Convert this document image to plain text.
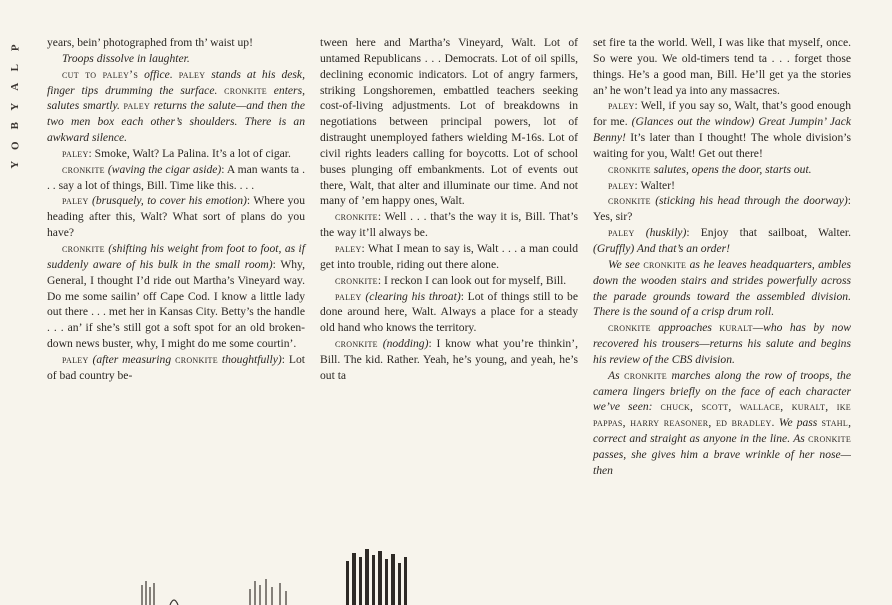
P
L
A
Y
B
O
Y

years, bein’ photographed from th’ waist up!

Troops dissolve in laughter.

cut to paley’s office. paley stands at his desk, finger tips drumming the surface. cronkite enters, salutes smartly. paley returns the salute—and then the two men box each other’s shoulders. There is an awkward silence.

paley: Smoke, Walt? La Palina. It’s a lot of cigar.

cronkite (waving the cigar aside): A man wants ta . . . say a lot of things, Bill. Time like this. . . .

paley (brusquely, to cover his emotion): Where you heading after this, Walt? What sort of plans do you have?

cronkite (shifting his weight from foot to foot, as if suddenly aware of his bulk in the small room): Why, General, I thought I’d ride out Martha’s Vineyard way. Do me some sailin’ off Cape Cod. I know a little lady out there . . . met her in Kansas City. Betty’s the handle . . . an’ if she’s still got a soft spot for an old broken-down news buster, why, I might do me some courtin’.

paley (after measuring cronkite thoughtfully): Lot of bad country be-

tween here and Martha’s Vineyard, Walt. Lot of untamed Republicans . . . Democrats. Lot of oil spills, declining economic indicators. Lot of angry farmers, striking Longshoremen, embattled teachers seeking cost-of-living adjustments. Lot of breakdowns in negotiations between principal powers, lot of distraught unemployed fathers wielding M-16s. Lot of civil rights leaders calling for boycotts. Lot of school buses plunging off embankments. Lot of events out there, Walt, that alter and illuminate our time. And not many of ’em happy ones, Walt.

cronkite: Well . . . that’s the way it is, Bill. That’s the way it’ll always be.

paley: What I mean to say is, Walt . . . a man could get into trouble, riding out there alone.

cronkite: I reckon I can look out for myself, Bill.

paley (clearing his throat): Lot of things still to be done around here, Walt. Always a place for a steady old hand who knows the territory.

cronkite (nodding): I know what you’re thinkin’, Bill. The kid. Rather. Yeah, he’s young, and yeah, he’s out ta

set fire ta the world. Well, I was like that myself, once. So were you. We old-timers tend ta . . . forget those things. He’s a good man, Bill. He’ll get ya the stories an’ he won’t lead ya into any massacres.

paley: Well, if you say so, Walt, that’s good enough for me. (Glances out the window) Great Jumpin’ Jack Benny! It’s later than I thought! The whole division’s waiting for you, Walt! Get out there!

cronkite salutes, opens the door, starts out.

paley: Walter!

cronkite (sticking his head through the doorway): Yes, sir?

paley (huskily): Enjoy that sailboat, Walter. (Gruffly) And that’s an order!

We see cronkite as he leaves headquarters, ambles down the wooden stairs and strides powerfully across the parade grounds toward the assembled division. There is the sound of a crisp drum roll.

cronkite approaches kuralt—who has by now recovered his trousers—returns his salute and begins his review of the CBS division.

As cronkite marches along the row of troops, the camera lingers briefly on the face of each character we’ve seen: chuck, scott, wallace, kuralt, ike pappas, harry reasoner, ed bradley. We pass stahl, correct and straight as anyone in the line. As cronkite passes, she gives him a brave wrinkle of her nose—then
